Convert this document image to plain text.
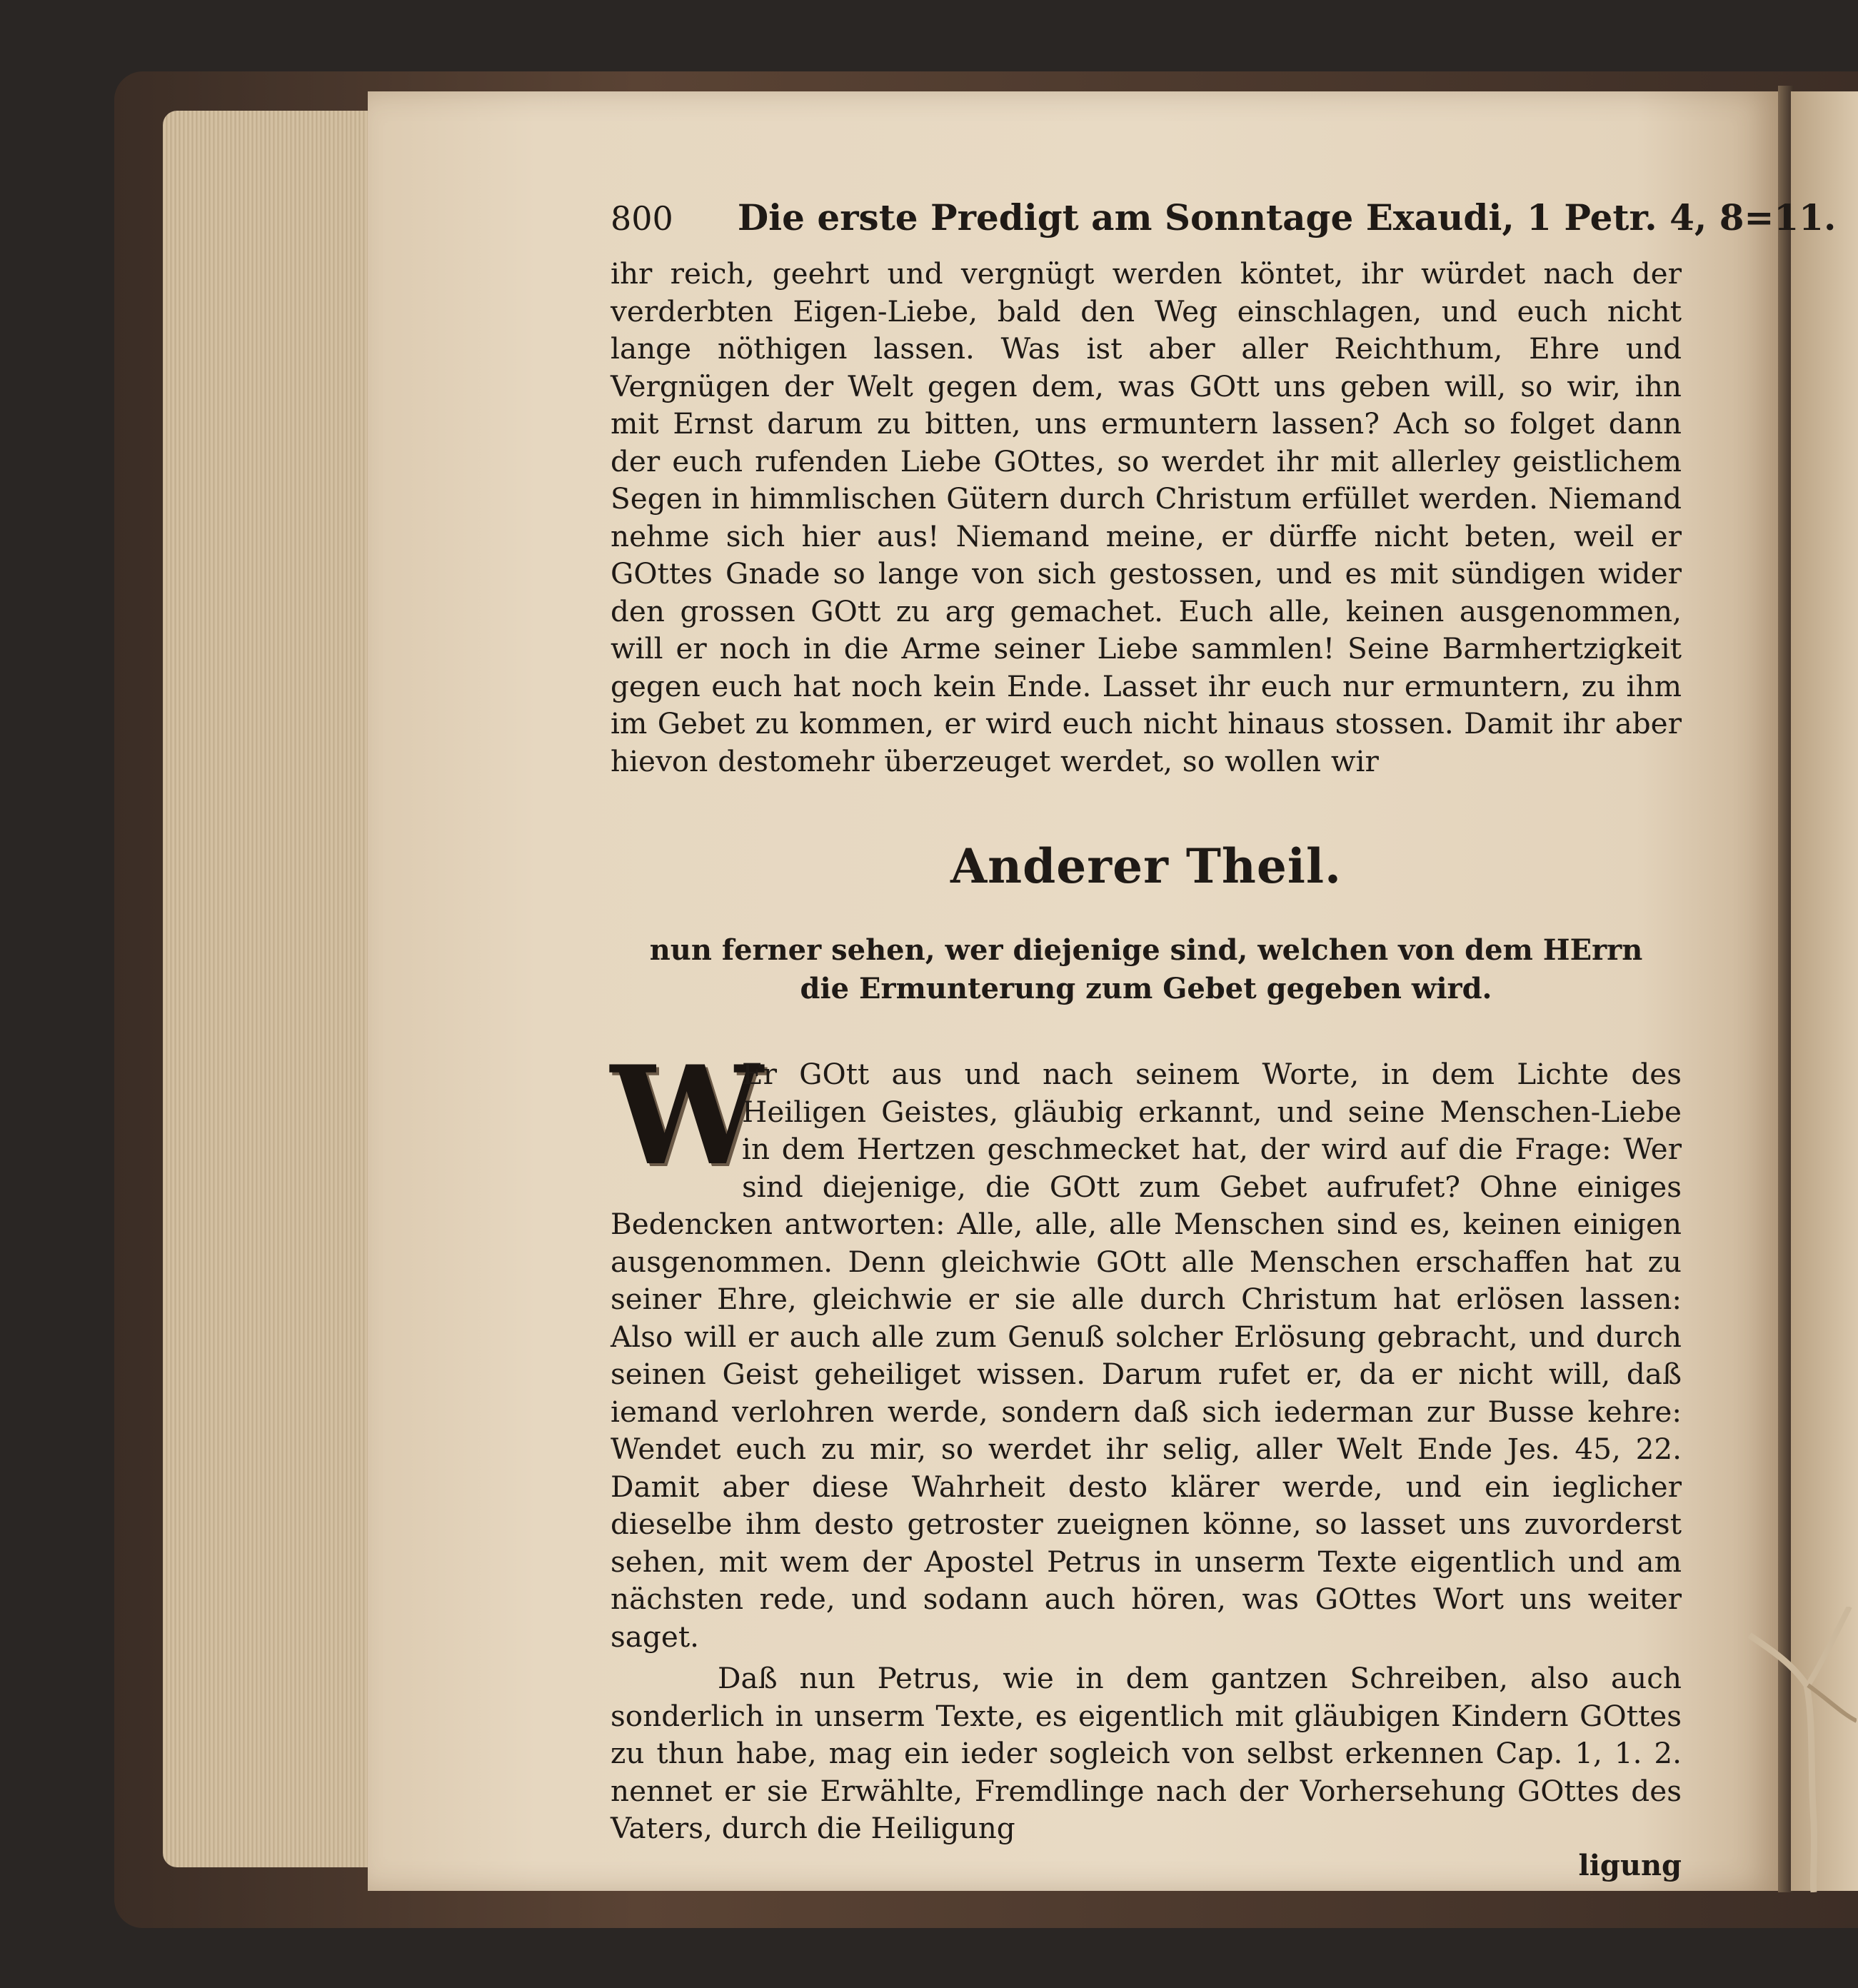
800 Die erste Predigt am Sonntage Exaudi, 1 Petr. 4, 8=11.

ihr reich, geehrt und vergnügt werden köntet, ihr würdet nach der verderbten Eigen-Liebe, bald den Weg einschlagen, und euch nicht lange nöthigen lassen. Was ist aber aller Reichthum, Ehre und Vergnügen der Welt gegen dem, was GOtt uns geben will, so wir, ihn mit Ernst darum zu bitten, uns ermuntern lassen? Ach so folget dann der euch rufenden Liebe GOttes, so werdet ihr mit allerley geistlichem Segen in himmlischen Gütern durch Christum erfüllet werden. Niemand nehme sich hier aus! Niemand meine, er dürffe nicht beten, weil er GOttes Gnade so lange von sich gestossen, und es mit sündigen wider den grossen GOtt zu arg gemachet. Euch alle, keinen ausgenommen, will er noch in die Arme seiner Liebe sammlen! Seine Barmhertzigkeit gegen euch hat noch kein Ende. Lasset ihr euch nur ermuntern, zu ihm im Gebet zu kommen, er wird euch nicht hinaus stossen. Damit ihr aber hievon destomehr überzeuget werdet, so wollen wir

Anderer Theil.
nun ferner sehen, wer diejenige sind, welchen von dem HErrn die Ermunterung zum Gebet gegeben wird.
W

Er GOtt aus und nach seinem Worte, in dem Lichte des Heiligen Geistes, gläubig erkannt, und seine Menschen-Liebe in dem Hertzen geschmecket hat, der wird auf die Frage: Wer sind diejenige, die GOtt zum Gebet aufrufet? Ohne einiges Bedencken antworten: Alle, alle, alle Menschen sind es, keinen einigen ausgenommen. Denn gleichwie GOtt alle Menschen erschaffen hat zu seiner Ehre, gleichwie er sie alle durch Christum hat erlösen lassen: Also will er auch alle zum Genuß solcher Erlösung gebracht, und durch seinen Geist geheiliget wissen. Darum rufet er, da er nicht will, daß iemand verlohren werde, sondern daß sich iederman zur Busse kehre: Wendet euch zu mir, so werdet ihr selig, aller Welt Ende Jes. 45, 22. Damit aber diese Wahrheit desto klärer werde, und ein ieglicher dieselbe ihm desto getroster zueignen könne, so lasset uns zuvorderst sehen, mit wem der Apostel Petrus in unserm Texte eigentlich und am nächsten rede, und sodann auch hören, was GOttes Wort uns weiter saget.

Daß nun Petrus, wie in dem gantzen Schreiben, also auch sonderlich in unserm Texte, es eigentlich mit gläubigen Kindern GOttes zu thun habe, mag ein ieder sogleich von selbst erkennen Cap. 1, 1. 2. nennet er sie Erwählte, Fremdlinge nach der Vorhersehung GOttes des Vaters, durch die Heiligung

ligung
